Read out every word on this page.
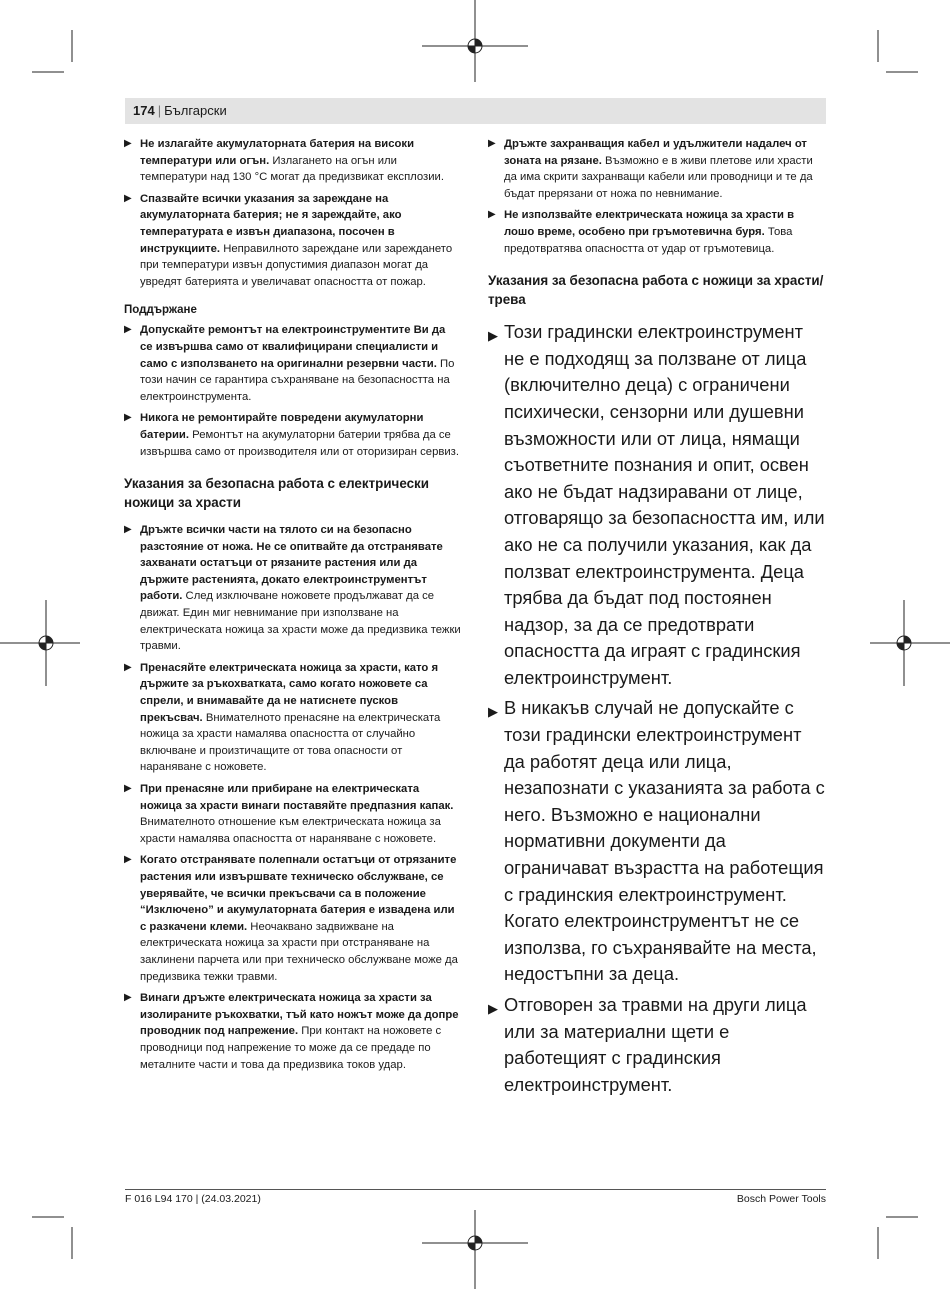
174 | Български
▶ Не излагайте акумулаторната батерия на високи температури или огън. Излагането на огън или температури над 130 °C могат да предизвикат експлозии.
▶ Спазвайте всички указания за зареждане на акумулаторната батерия; не я зареждайте, ако температурата е извън диапазона, посочен в инструкциите. Неправилното зареждане или зареждането при температури извън допустимия диапазон могат да увредят батерията и увеличават опасността от пожар.
Поддържане
▶ Допускайте ремонтът на електроинструментите Ви да се извършва само от квалифицирани специалисти и само с използването на оригинални резервни части. По този начин се гарантира съхраняване на безопасността на електроинструмента.
▶ Никога не ремонтирайте повредени акумулаторни батерии. Ремонтът на акумулаторни батерии трябва да се извършва само от производителя или от оторизиран сервиз.
Указания за безопасна работа с електрически ножици за храсти
▶ Дръжте всички части на тялото си на безопасно разстояние от ножа. Не се опитвайте да отстранявате захванати остатъци от рязаните растения или да държите растенията, докато електроинструментът работи. След изключване ножовете продължават да се движат. Един миг невнимание при използване на електрическата ножица за храсти може да предизвика тежки травми.
▶ Пренасяйте електрическата ножица за храсти, като я държите за ръкохватката, само когато ножовете са спрели, и внимавайте да не натиснете пусков прекъсвач. Внимателното пренасяне на електрическата ножица за храсти намалява опасността от случайно включване и произтичащите от това опасности от нараняване с ножовете.
▶ При пренасяне или прибиране на електрическата ножица за храсти винаги поставяйте предпазния капак. Внимателното отношение към електрическата ножица за храсти намалява опасността от нараняване с ножовете.
▶ Когато отстранявате полепнали остатъци от отрязаните растения или извършвате техническо обслужване, се уверявайте, че всички прекъсвачи са в положение “Изключено” и акумулаторната батерия е извадена или с разкачени клеми. Неочаквано задвижване на електрическата ножица за храсти при отстраняване на заклинени парчета или при техническо обслужване може да предизвика тежки травми.
▶ Винаги дръжте електрическата ножица за храсти за изолираните ръкохватки, тъй като ножът може да допре проводник под напрежение. При контакт на ножовете с проводници под напрежение то може да се предаде по металните части и това да предизвика токов удар.
▶ Дръжте захранващия кабел и удължители надалеч от зоната на рязане. Възможно е в живи плетове или храсти да има скрити захранващи кабели или проводници и те да бъдат прерязани от ножа по невнимание.
▶ Не използвайте електрическата ножица за храсти в лошо време, особено при гръмотевична буря. Това предотвратява опасността от удар от гръмотевица.
Указания за безопасна работа с ножици за храсти/трева
▶ Този градински електроинструмент не е подходящ за ползване от лица (включително деца) с ограничени психически, сензорни или душевни възможности или от лица, нямащи съответните познания и опит, освен ако не бъдат надзиравани от лице, отговарящо за безопасността им, или ако не са получили указания, как да ползват електроинструмента. Деца трябва да бъдат под постоянен надзор, за да се предотврати опасността да играят с градинския електроинструмент.
▶ В никакъв случай не допускайте с този градински електроинструмент да работят деца или лица, незапознати с указанията за работа с него. Възможно е национални нормативни документи да ограничават възрастта на работещия с градинския електроинструмент. Когато електроинструментът не се използва, го съхранявайте на места, недостъпни за деца.
▶ Отговорен за травми на други лица или за материални щети е работещият с градинския електроинструмент.
F 016 L94 170 | (24.03.2021)	Bosch Power Tools
